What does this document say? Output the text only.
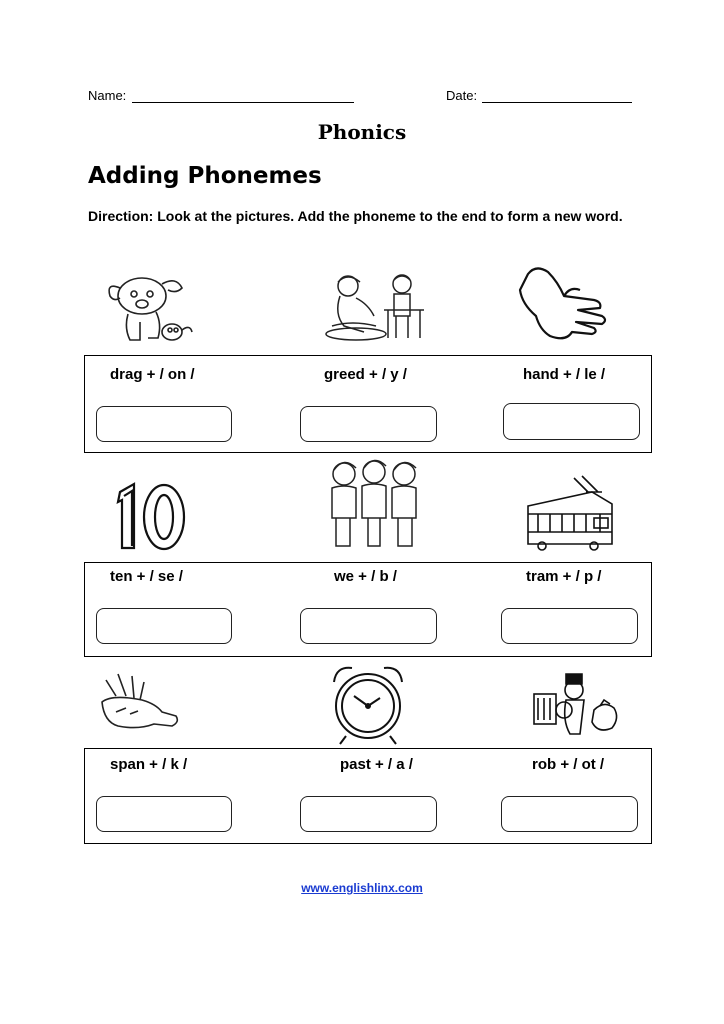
Name:	Date:
Phonics
Adding Phonemes
Direction: Look at the pictures. Add the phoneme to the end to form a new word.
drag + / on /	greed + / y /	hand + / le /
ten + / se /	we + / b /	tram + / p /
span + / k /	past + / a /	rob + / ot /
www.englishlinx.com
